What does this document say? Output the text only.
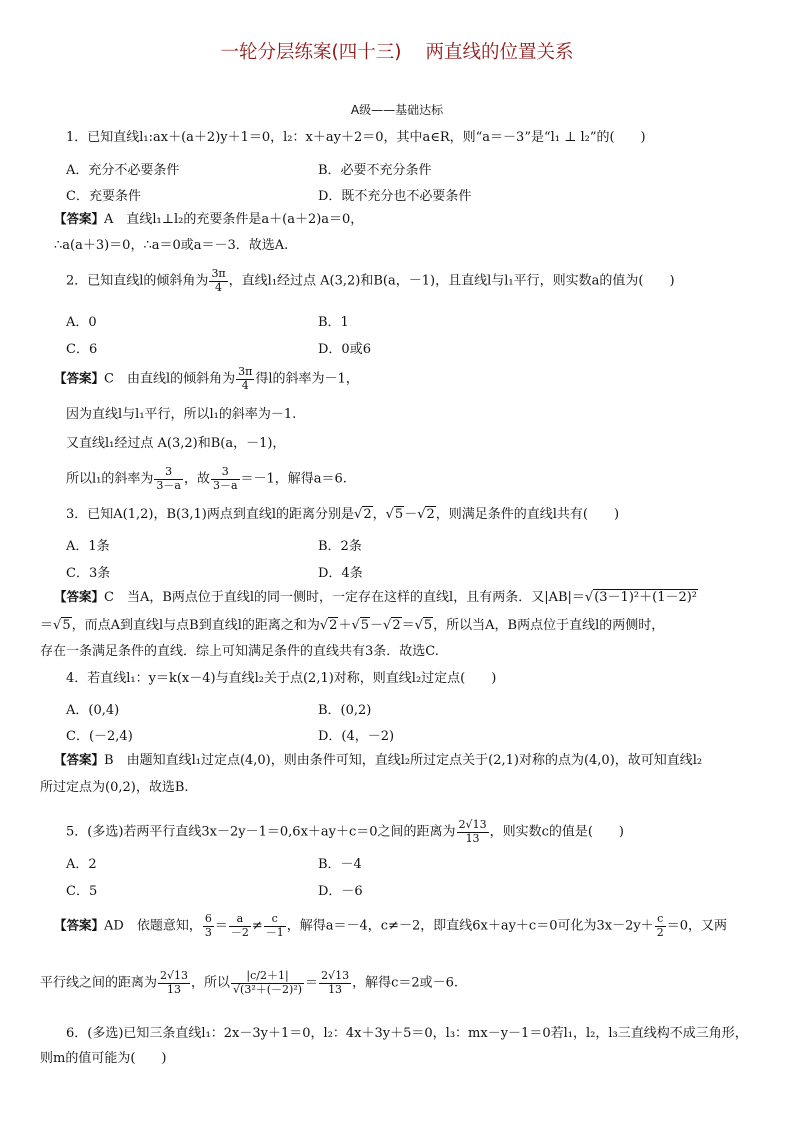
一轮分层练案(四十三) 两直线的位置关系
A级——基础达标
1．已知直线l₁:ax＋(a＋2)y＋1＝0，l₂：x＋ay＋2＝0，其中a∈R，则“a＝－3”是“l₁ ⊥ l₂”的(　　)
A．充分不必要条件	B．必要不充分条件
C．充要条件	D．既不充分也不必要条件
【答案】A　直线l₁⊥l₂的充要条件是a＋(a＋2)a＝0，
∴a(a＋3)＝0，∴a＝0或a＝－3．故选A.
2．已知直线l的倾斜角为 $\frac{3\pi}{4}$ ，直线l₁经过点 A(3,2)和B(a，－1)，且直线l与l₁平行，则实数a的值为(　　)
A．0	B．1
C．6	D．0或6
【答案】C　由直线l的倾斜角为 $\frac{3\pi}{4}$ 得l的斜率为－1，
因为直线l与l₁平行，所以l₁的斜率为－1.
又直线l₁经过点 A(3,2)和B(a，－1)，
所以l₁的斜率为 $\frac{3}{3-a}$ ，故 $\frac{3}{3-a} =-1$，解得a＝6.
3．已知A(1,2)，B(3,1)两点到直线l的距离分别是√2，√5－√2，则满足条件的直线l共有(　　)
A．1条	B．2条
C．3条	D．4条
【答案】C　当A，B两点位于直线l的同一侧时，一定存在这样的直线l，且有两条．又|AB|＝√(3－1)²＋(1－2)²
＝√5，而点A到直线l与点B到直线l的距离之和为√2＋√5－√2＝√5，所以当A，B两点位于直线l的两侧时，
存在一条满足条件的直线．综上可知满足条件的直线共有3条．故选C.
4．若直线l₁：y＝k(x－4)与直线l₂关于点(2,1)对称，则直线l₂过定点(　　)
A．(0,4)	B．(0,2)
C．(－2,4)	D．(4，－2)
【答案】B　由题知直线l₁过定点(4,0)，则由条件可知，直线l₂所过定点关于(2,1)对称的点为(4,0)，故可知直线l₂
所过定点为(0,2)，故选B.
5．(多选)若两平行直线3x－2y－1＝0,6x＋ay＋c＝0之间的距离为 $\frac{2√13}{13}$ ，则实数c的值是(　　)
A．2	B．－4
C．5	D．－6
【答案】AD　依题意知， $\frac{6}{3} = \frac{a}{-2} \ne \frac{c}{-1}$ ，解得a＝－4，c≠－2，即直线6x＋ay＋c＝0可化为$3x-2y+ \frac{c}{2} =0$，又两
平行线之间的距离为 $\frac{2√13}{13}$ ，所以 $\frac{|c/2+1|}{\text{√(3²＋(－2)²)}} = \frac{2√13}{13}$ ，解得c＝2或－6.
6．(多选)已知三条直线l₁：2x－3y＋1＝0，l₂：4x＋3y＋5＝0，l₃：mx－y－1＝0若l₁，l₂，l₃三直线构不成三角形，
则m的值可能为(　　)
